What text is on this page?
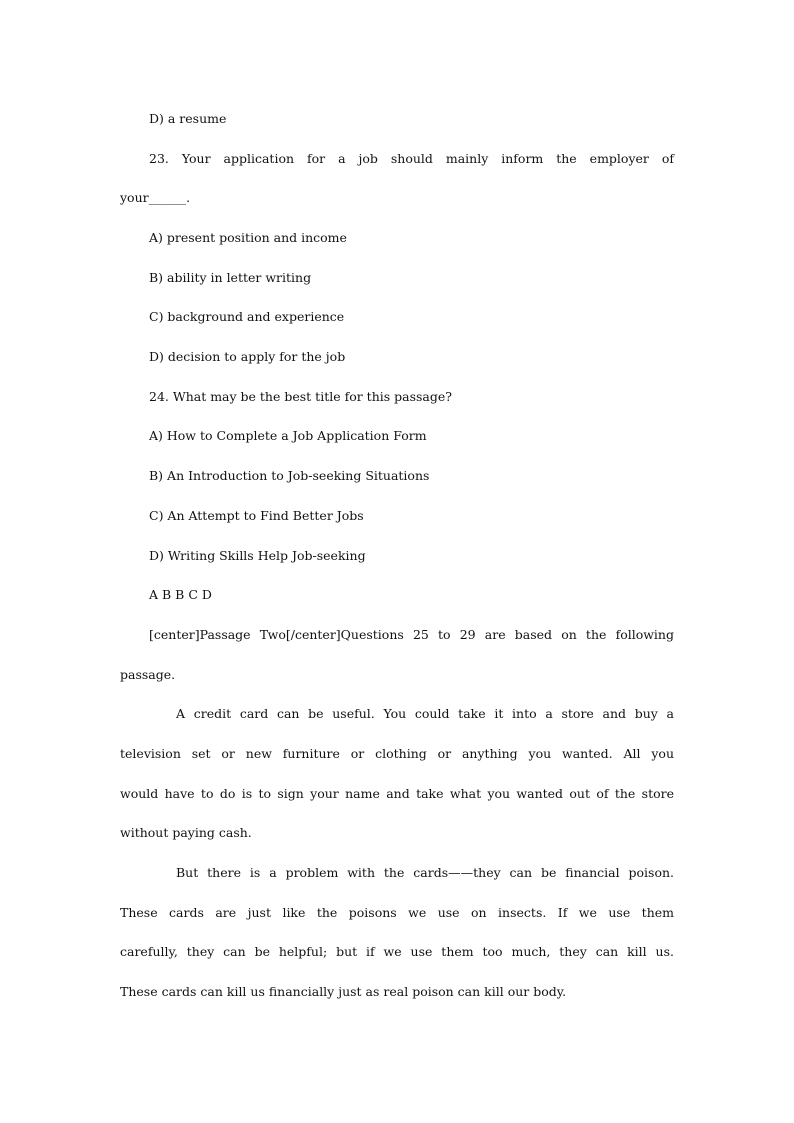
D) a resume
23. Your application for a job should mainly inform the employer of
your______.
A) present position and income
B) ability in letter writing
C) background and experience
D) decision to apply for the job
24. What may be the best title for this passage?
A) How to Complete a Job Application Form
B) An Introduction to Job-seeking Situations
C) An Attempt to Find Better Jobs
D) Writing Skills Help Job-seeking
A B B C D
[center]Passage Two[/center]Questions 25 to 29 are based on the following
passage.
A credit card can be useful. You could take it into a store and buy a
television set or new furniture or clothing or anything you wanted. All you
would have to do is to sign your name and take what you wanted out of the store
without paying cash.
But there is a problem with the cards——they can be financial poison.
These cards are just like the poisons we use on insects. If we use them
carefully, they can be helpful; but if we use them too much, they can kill us.
These cards can kill us financially just as real poison can kill our body.
